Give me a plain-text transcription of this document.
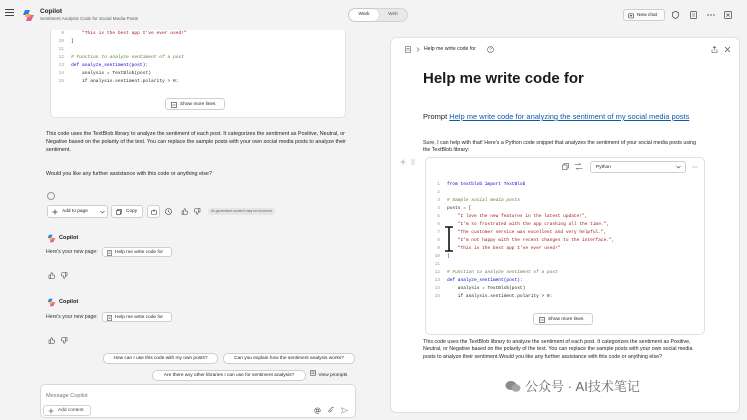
Copilot
Sentiment Analysis Code for Social Media Posts
Work	Web	New chat
9    "This is the best app I've ever used!"
10 ]
11
12 # Function to analyze sentiment of a post
13 def analyze_sentiment(post):
14    analysis = TextBlob(post)
15    if analysis.sentiment.polarity > 0:
Show more lines
This code uses the TextBlob library to analyze the sentiment of each post. It categorizes the sentiment as Positive, Neutral, or Negative based on the polarity of the text. You can replace the sample posts with your own social media posts to analyze their sentiment.
Would you like any further assistance with this code or anything else?
Add to page	Copy	AI-generated content may be incorrect
Copilot
Here's your new page:	Help me write code for
Copilot
Here's your new page:	Help me write code for
How can I use this code with my own posts?	Can you explain how the sentiment analysis works?
Are there any other libraries I can use for sentiment analysis?	View prompts
Message Copilot
Add content
Help me write code for
Help me write code for
Prompt Help me write code for analyzing the sentiment of my social media posts
Sure, I can help with that! Here's a Python code snippet that analyzes the sentiment of your social media posts using the TextBlob library:
Python
1 from textblob import TextBlob
2
3 # Sample social media posts
4 posts = [
5    "I love the new features in the latest update!",
6    "I'm so frustrated with the app crashing all the time.",
7    "The customer service was excellent and very helpful.",
8    "I'm not happy with the recent changes to the interface.",
9    "This is the best app I've ever used!"
10 ]
11
12 # Function to analyze sentiment of a post
13 def analyze_sentiment(post):
14    analysis = TextBlob(post)
15    if analysis.sentiment.polarity > 0:
Show more lines
This code uses the TextBlob library to analyze the sentiment of each post. It categorizes the sentiment as Positive, Neutral, or Negative based on the polarity of the text. You can replace the sample posts with your own social media posts to analyze their sentiment.Would you like any further assistance with this code or anything else?
公众号 · AI技术笔记
